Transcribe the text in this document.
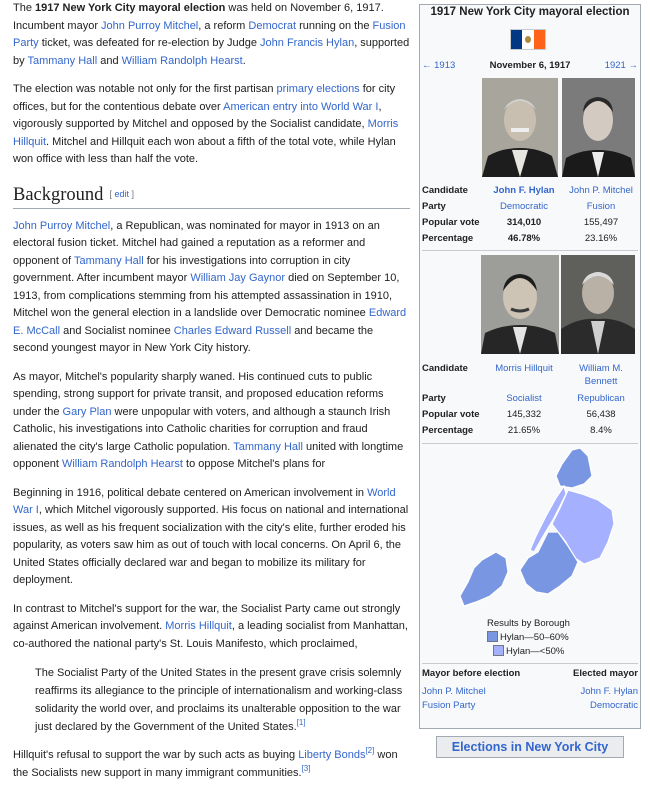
The 1917 New York City mayoral election was held on November 6, 1917. Incumbent mayor John Purroy Mitchel, a reform Democrat running on the Fusion Party ticket, was defeated for re-election by Judge John Francis Hylan, supported by Tammany Hall and William Randolph Hearst.

The election was notable not only for the first partisan primary elections for city offices, but for the contentious debate over American entry into World War I, vigorously supported by Mitchel and opposed by the Socialist candidate, Morris Hillquit. Mitchel and Hillquit each won about a fifth of the total vote, while Hylan won office with less than half the vote.

Background [ edit ]

John Purroy Mitchel, a Republican, was nominated for mayor in 1913 on an electoral fusion ticket. Mitchel had gained a reputation as a reformer and opponent of Tammany Hall for his investigations into corruption in city government. After incumbent mayor William Jay Gaynor died on September 10, 1913, from complications stemming from his attempted assassination in 1910, Mitchel won the general election in a landslide over Democratic nominee Edward E. McCall and Socialist nominee Charles Edward Russell and became the second youngest mayor in New York City history.

As mayor, Mitchel's popularity sharply waned. His continued cuts to public spending, strong support for private transit, and proposed education reforms under the Gary Plan were unpopular with voters, and although a staunch Irish Catholic, his investigations into Catholic charities for corruption and fraud alienated the city's large Catholic population. Tammany Hall united with longtime opponent William Randolph Hearst to oppose Mitchel's plans for

Beginning in 1916, political debate centered on American involvement in World War I, which Mitchel vigorously supported. His focus on national and international issues, as well as his frequent socialization with the city's elite, further eroded his popularity, as voters saw him as out of touch with local concerns. On April 6, the United States officially declared war and began to mobilize its military for deployment.

In contrast to Mitchel's support for the war, the Socialist Party came out strongly against American involvement. Morris Hillquit, a leading socialist from Manhattan, co-authored the national party's St. Louis Manifesto, which proclaimed,

The Socialist Party of the United States in the present grave crisis solemnly reaffirms its allegiance to the principle of internationalism and working-class solidarity the world over, and proclaims its unalterable opposition to the war just declared by the Government of the United States.[1]

Hillquit's refusal to support the war by such acts as buying Liberty Bonds[2] won the Socialists new support in many immigrant communities.[3]

1917 New York City mayoral election
← 1913	November 6, 1917	1921 →
Candidate	John F. Hylan	John P. Mitchel
Party	Democratic	Fusion
Popular vote	314,010	155,497
Percentage	46.78%	23.16%
Candidate	Morris Hillquit	William M. Bennett
Party	Socialist	Republican
Popular vote	145,332	56,438
Percentage	21.65%	8.4%
Results by Borough
Hylan—50–60%
Hylan—<50%
Mayor before election	Elected mayor
John P. Mitchel	John F. Hylan
Fusion Party	Democratic
Elections in New York City
